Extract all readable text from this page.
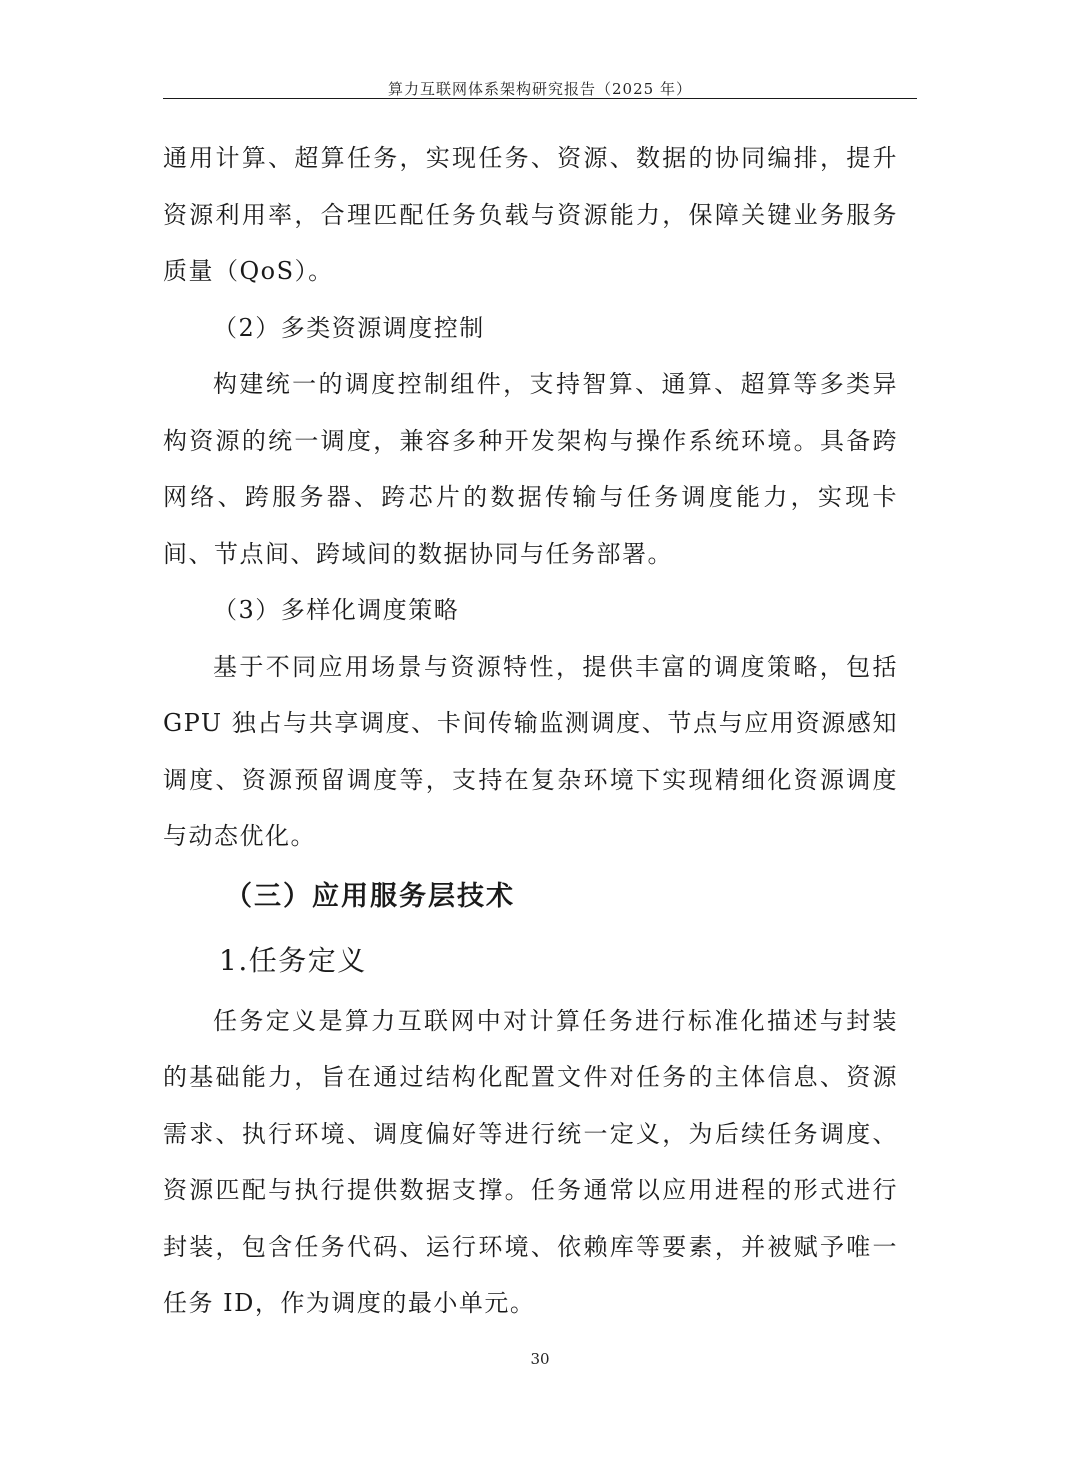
算力互联网体系架构研究报告（2025 年）

通用计算、超算任务，实现任务、资源、数据的协同编排，提升资源利用率，合理匹配任务负载与资源能力，保障关键业务服务质量（QoS）。

（2）多类资源调度控制

构建统一的调度控制组件，支持智算、通算、超算等多类异构资源的统一调度，兼容多种开发架构与操作系统环境。具备跨网络、跨服务器、跨芯片的数据传输与任务调度能力，实现卡间、节点间、跨域间的数据协同与任务部署。

（3）多样化调度策略

基于不同应用场景与资源特性，提供丰富的调度策略，包括GPU 独占与共享调度、卡间传输监测调度、节点与应用资源感知调度、资源预留调度等，支持在复杂环境下实现精细化资源调度与动态优化。

（三）应用服务层技术

1.任务定义

任务定义是算力互联网中对计算任务进行标准化描述与封装的基础能力，旨在通过结构化配置文件对任务的主体信息、资源需求、执行环境、调度偏好等进行统一定义，为后续任务调度、资源匹配与执行提供数据支撑。任务通常以应用进程的形式进行封装，包含任务代码、运行环境、依赖库等要素，并被赋予唯一任务 ID，作为调度的最小单元。

30
